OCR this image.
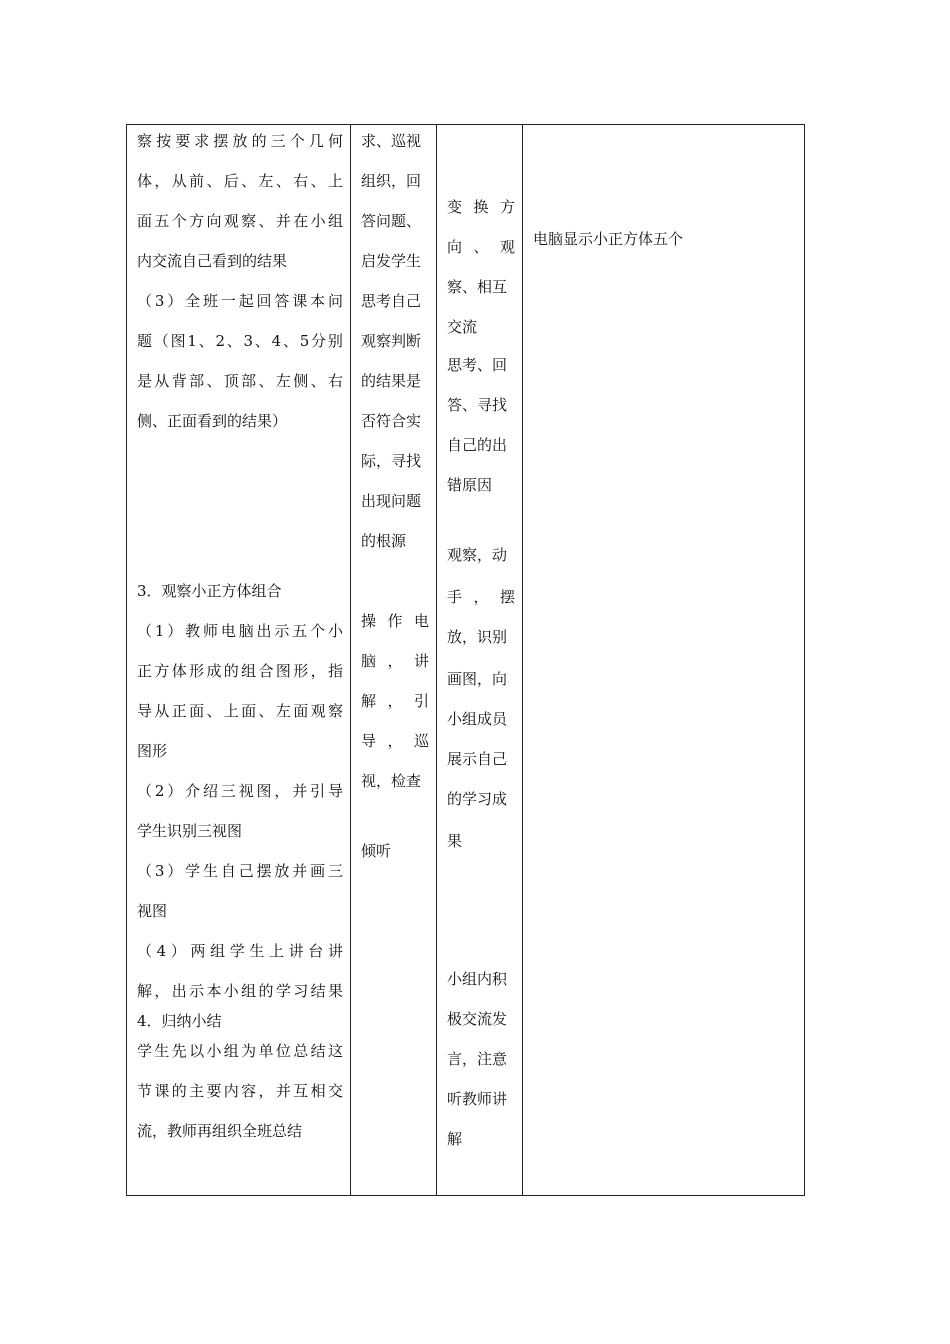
察 按 要 求 摆 放 的 三 个 几 何
体 ， 从 前 、 后 、 左 、 右 、 上
面 五 个 方 向 观 察 、 并 在 小 组
内交流自己看到的结果
（ 3 ） 全 班 一 起 回 答 课 本 问
题 （ 图 1 、 2 、 3 、 4 、 5 分 别
是 从 背 部 、 顶 部 、 左 侧 、 右
侧、正面看到的结果）
3．观察小正方体组合
（ 1 ） 教 师 电 脑 出 示 五 个 小
正 方 体 形 成 的 组 合 图 形 ， 指
导 从 正 面 、 上 面 、 左 面 观 察
图形
（ 2 ） 介 绍 三 视 图 ， 并 引 导
学生识别三视图
（ 3 ） 学 生 自 己 摆 放 并 画 三
视图
（ 4 ） 两 组 学 生 上 讲 台 讲
解 ， 出 示 本 小 组 的 学 习 结 果
4．归纳小结
学 生 先 以 小 组 为 单 位 总 结 这
节 课 的 主 要 内 容 ， 并 互 相 交
流，教师再组织全班总结
求、巡视
组织，回
答问题、
启发学生
思考自己
观察判断
的结果是
否符合实
际，寻找
出现问题
的根源
操 作 电
脑 ， 讲
解 ， 引
导 ， 巡
视，检查
倾听
变 换 方
向 、 观
察、相互
交流
思考、回
答、寻找
自己的出
错原因
观察，动
手 ， 摆
放，识别
画图，向
小组成员
展示自己
的学习成
果
小组内积
极交流发
言，注意
听教师讲
解
电脑显示小正方体五个
